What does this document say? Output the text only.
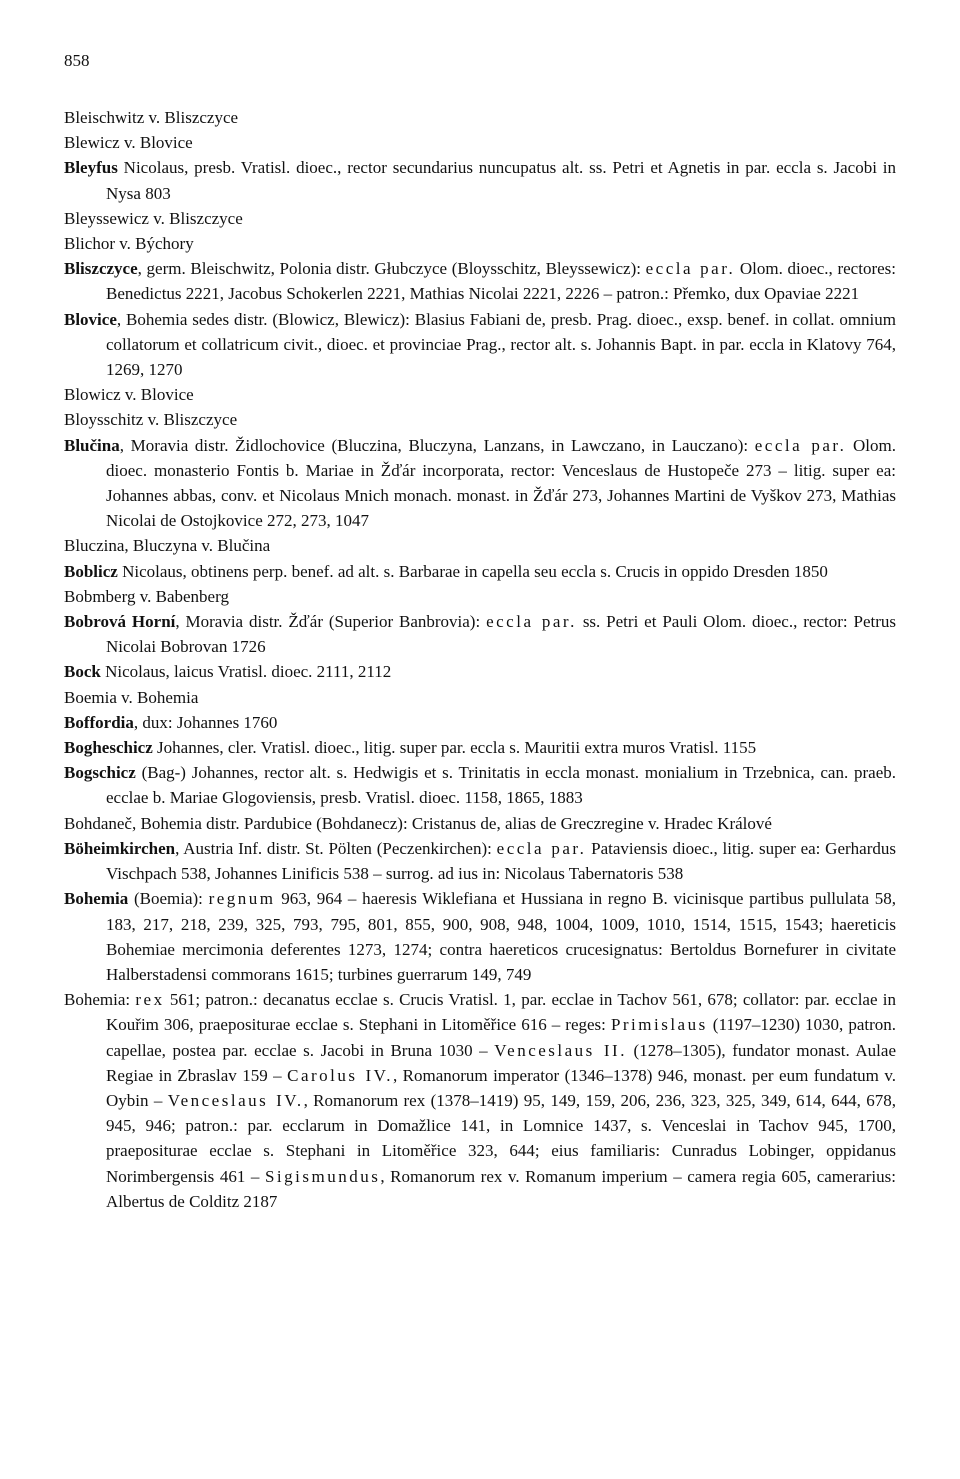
858

Bleischwitz v. Bliszczyce

Blewicz v. Blovice

Bleyfus Nicolaus, presb. Vratisl. dioec., rector secundarius nuncupatus alt. ss. Petri et Agnetis in par. eccla s. Jacobi in Nysa 803

Bleyssewicz v. Bliszczyce

Blichor v. Býchory

Bliszczyce, germ. Bleischwitz, Polonia distr. Głubczyce (Bloysschitz, Bleyssewicz): eccla par. Olom. dioec., rectores: Benedictus 2221, Jacobus Schokerlen 2221, Mathias Nicolai 2221, 2226 – patron.: Přemko, dux Opaviae 2221

Blovice, Bohemia sedes distr. (Blowicz, Blewicz): Blasius Fabiani de, presb. Prag. dioec., exsp. benef. in collat. omnium collatorum et collatricum civit., dioec. et provinciae Prag., rector alt. s. Johannis Bapt. in par. eccla in Klatovy 764, 1269, 1270

Blowicz v. Blovice

Bloysschitz v. Bliszczyce

Blučina, Moravia distr. Židlochovice (Bluczina, Bluczyna, Lanzans, in Lawczano, in Lauczano): eccla par. Olom. dioec. monasterio Fontis b. Mariae in Žďár incorporata, rector: Venceslaus de Hustopeče 273 – litig. super ea: Johannes abbas, conv. et Nicolaus Mnich monach. monast. in Žďár 273, Johannes Martini de Vyškov 273, Mathias Nicolai de Ostojkovice 272, 273, 1047

Bluczina, Bluczyna v. Blučina

Boblicz Nicolaus, obtinens perp. benef. ad alt. s. Barbarae in capella seu eccla s. Crucis in oppido Dresden 1850

Bobmberg v. Babenberg

Bobrová Horní, Moravia distr. Žďár (Superior Banbrovia): eccla par. ss. Petri et Pauli Olom. dioec., rector: Petrus Nicolai Bobrovan 1726

Bock Nicolaus, laicus Vratisl. dioec. 2111, 2112

Boemia v. Bohemia

Boffordia, dux: Johannes 1760

Bogheschicz Johannes, cler. Vratisl. dioec., litig. super par. eccla s. Mauritii extra muros Vratisl. 1155

Bogschicz (Bag-) Johannes, rector alt. s. Hedwigis et s. Trinitatis in eccla monast. monialium in Trzebnica, can. praeb. ecclae b. Mariae Glogoviensis, presb. Vratisl. dioec. 1158, 1865, 1883

Bohdaneč, Bohemia distr. Pardubice (Bohdanecz): Cristanus de, alias de Greczregine v. Hradec Králové

Böheimkirchen, Austria Inf. distr. St. Pölten (Peczenkirchen): eccla par. Pataviensis dioec., litig. super ea: Gerhardus Vischpach 538, Johannes Linificis 538 – surrog. ad ius in: Nicolaus Tabernatoris 538

Bohemia (Boemia): regnum 963, 964 – haeresis Wiklefiana et Hussiana in regno B. vicinisque partibus pullulata 58, 183, 217, 218, 239, 325, 793, 795, 801, 855, 900, 908, 948, 1004, 1009, 1010, 1514, 1515, 1543; haereticis Bohemiae mercimonia deferentes 1273, 1274; contra haereticos crucesignatus: Bertoldus Bornefurer in civitate Halberstadensi commorans 1615; turbines guerrarum 149, 749

Bohemia: rex 561; patron.: decanatus ecclae s. Crucis Vratisl. 1, par. ecclae in Tachov 561, 678; collator: par. ecclae in Kouřim 306, praepositurae ecclae s. Stephani in Litoměřice 616 – reges: Primislaus (1197–1230) 1030, patron. capellae, postea par. ecclae s. Jacobi in Bruna 1030 – Venceslaus II. (1278–1305), fundator monast. Aulae Regiae in Zbraslav 159 – Carolus IV., Romanorum imperator (1346–1378) 946, monast. per eum fundatum v. Oybin – Venceslaus IV., Romanorum rex (1378–1419) 95, 149, 159, 206, 236, 323, 325, 349, 614, 644, 678, 945, 946; patron.: par. ecclarum in Domažlice 141, in Lomnice 1437, s. Venceslai in Tachov 945, 1700, praepositurae ecclae s. Stephani in Litoměřice 323, 644; eius familiaris: Cunradus Lobinger, oppidanus Norimbergensis 461 – Sigismundus, Romanorum rex v. Romanum imperium – camera regia 605, camerarius: Albertus de Colditz 2187
